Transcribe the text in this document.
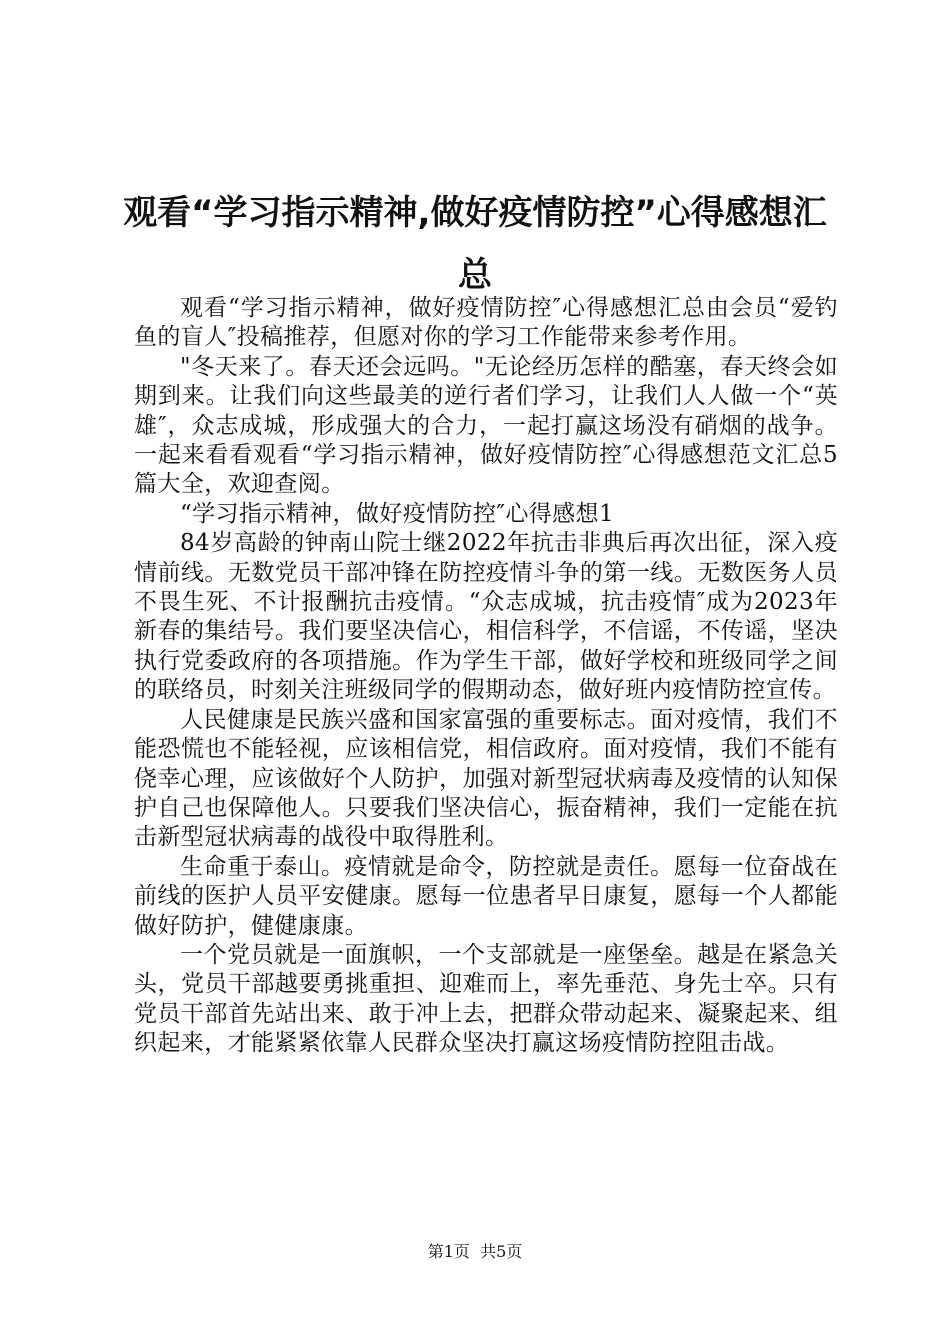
观看“学习指示精神,做好疫情防控”心得感想汇总

观看“学习指示精神，做好疫情防控″心得感想汇总由会员“爱钓鱼的盲人″投稿推荐，但愿对你的学习工作能带来参考作用。

"冬天来了。春天还会远吗。"无论经历怎样的酷塞，春天终会如期到来。让我们向这些最美的逆行者们学习，让我们人人做一个“英雄″，众志成城，形成强大的合力，一起打赢这场没有硝烟的战争。一起来看看观看“学习指示精神，做好疫情防控″心得感想范文汇总5篇大全，欢迎查阅。

“学习指示精神，做好疫情防控″心得感想1

84岁高龄的钟南山院士继2022年抗击非典后再次出征，深入疫情前线。无数党员干部冲锋在防控疫情斗争的第一线。无数医务人员不畏生死、不计报酬抗击疫情。“众志成城，抗击疫情″成为2023年新春的集结号。我们要坚决信心，相信科学，不信谣，不传谣，坚决执行党委政府的各项措施。作为学生干部，做好学校和班级同学之间的联络员，时刻关注班级同学的假期动态，做好班内疫情防控宣传。

人民健康是民族兴盛和国家富强的重要标志。面对疫情，我们不能恐慌也不能轻视，应该相信党，相信政府。面对疫情，我们不能有侥幸心理，应该做好个人防护，加强对新型冠状病毒及疫情的认知保护自己也保障他人。只要我们坚决信心，振奋精神，我们一定能在抗击新型冠状病毒的战役中取得胜利。

生命重于泰山。疫情就是命令，防控就是责任。愿每一位奋战在前线的医护人员平安健康。愿每一位患者早日康复，愿每一个人都能做好防护，健健康康。

一个党员就是一面旗帜，一个支部就是一座堡垒。越是在紧急关头，党员干部越要勇挑重担、迎难而上，率先垂范、身先士卒。只有党员干部首先站出来、敢于冲上去，把群众带动起来、凝聚起来、组织起来，才能紧紧依靠人民群众坚决打赢这场疫情防控阻击战。

第1页 共5页
